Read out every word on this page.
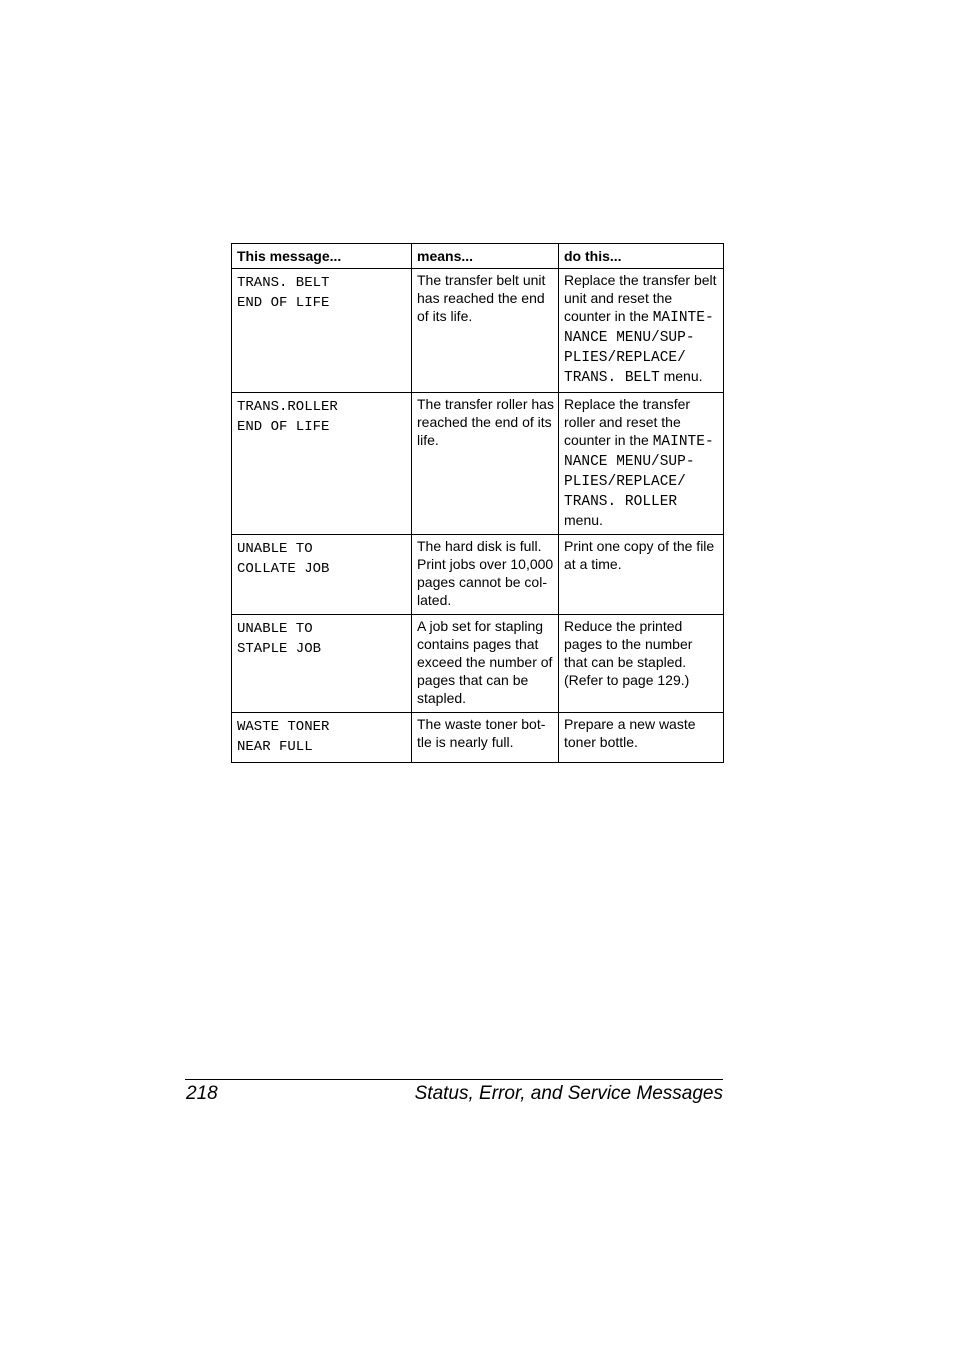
This message...	means...	do this...

TRANS. BELT
END OF LIFE	The transfer belt unit has reached the end of its life.	Replace the transfer belt unit and reset the counter in the MAINTE-NANCE MENU/SUP-PLIES/REPLACE/ TRANS. BELT menu.

TRANS.ROLLER
END OF LIFE	The transfer roller has reached the end of its life.	Replace the transfer roller and reset the counter in the MAINTE-NANCE MENU/SUP-PLIES/REPLACE/ TRANS. ROLLER menu.

UNABLE TO
COLLATE JOB	The hard disk is full. Print jobs over 10,000 pages cannot be col-lated.	Print one copy of the file at a time.

UNABLE TO
STAPLE JOB	A job set for stapling contains pages that exceed the number of pages that can be stapled.	Reduce the printed pages to the number that can be stapled. (Refer to page 129.)

WASTE TONER
NEAR FULL	The waste toner bot-tle is nearly full.	Prepare a new waste toner bottle.
218	Status, Error, and Service Messages
